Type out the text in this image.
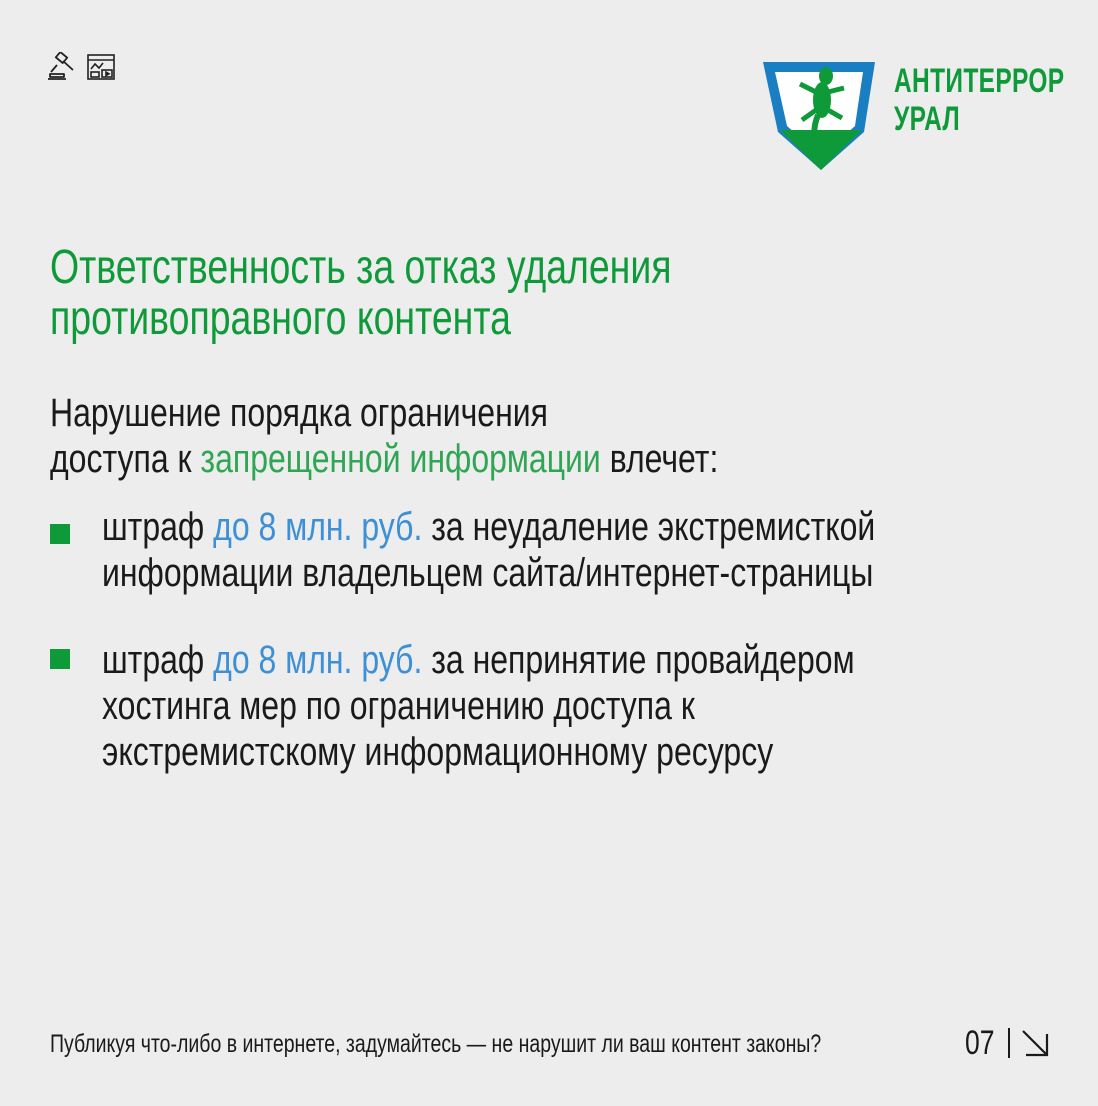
АНТИТЕРРОР
УРАЛ
Ответственность за отказ удаления
противоправного контента
Нарушение порядка ограничения
доступа к запрещенной информации влечет:
штраф до 8 млн. руб. за неудаление экстремисткой
информации владельцем сайта/интернет-страницы
штраф до 8 млн. руб. за непринятие провайдером
хостинга мер по ограничению доступа к
экстремистскому информационному ресурсу
Публикуя что-либо в интернете, задумайтесь — не нарушит ли ваш контент законы?	07
